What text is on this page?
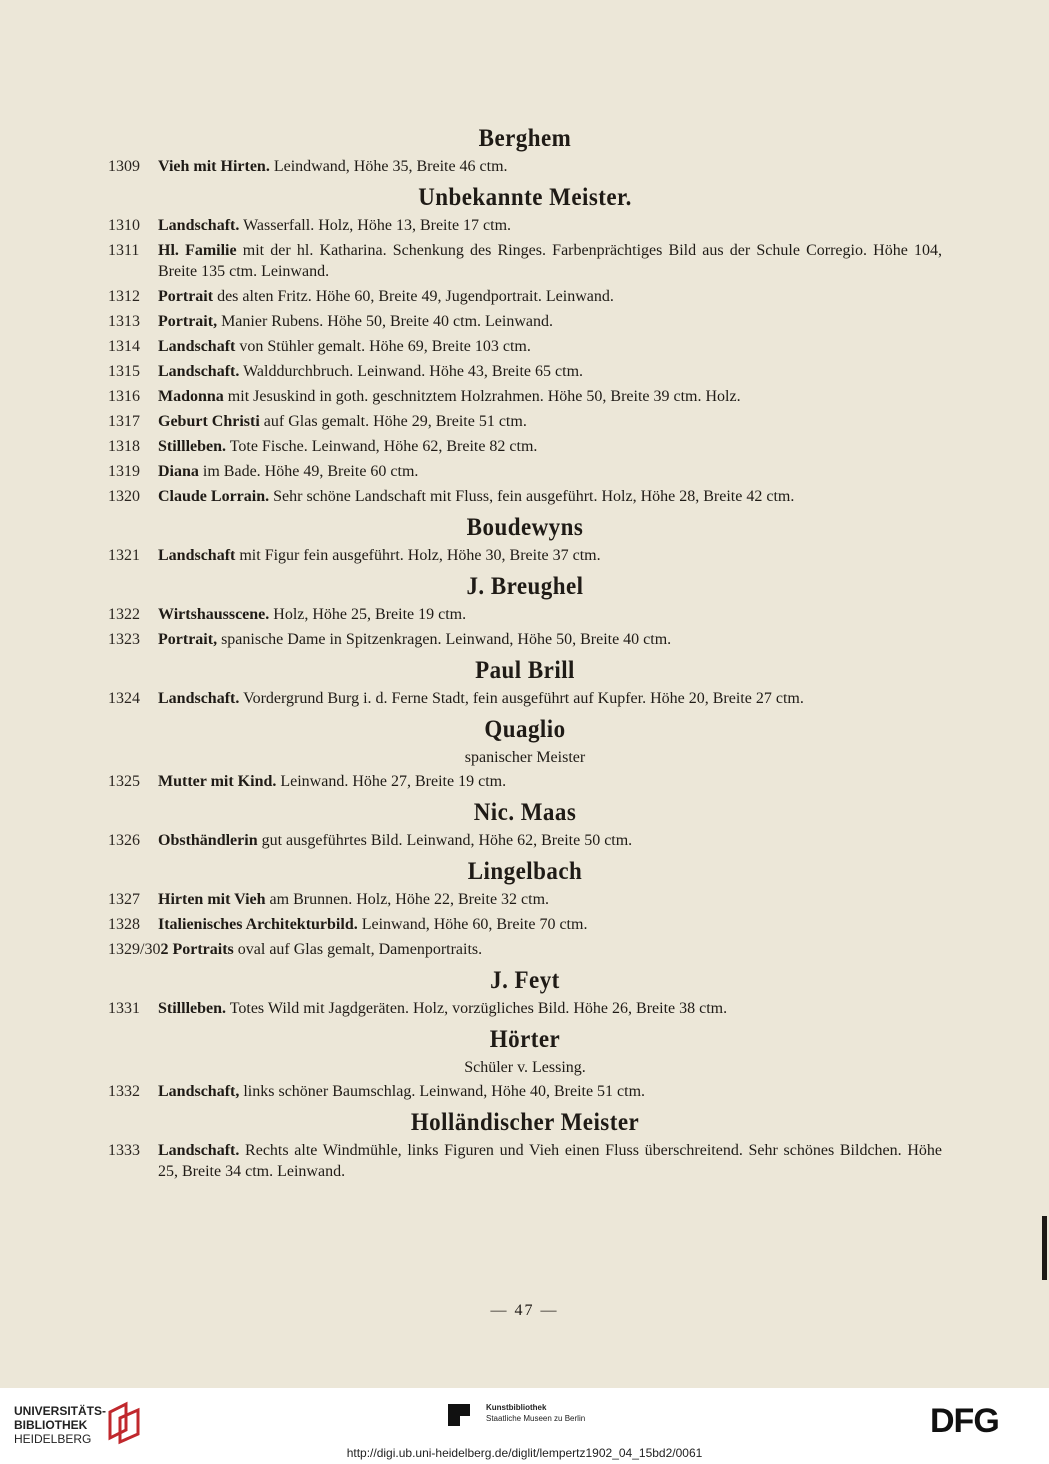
Berghem
1309	Vieh mit Hirten. Leindwand, Höhe 35, Breite 46 ctm.
Unbekannte Meister.
1310	Landschaft. Wasserfall. Holz, Höhe 13, Breite 17 ctm.
1311	Hl. Familie mit der hl. Katharina. Schenkung des Ringes. Farbenprächtiges Bild aus der Schule Corregio. Höhe 104, Breite 135 ctm. Leinwand.
1312	Portrait des alten Fritz. Höhe 60, Breite 49, Jugendportrait. Leinwand.
1313	Portrait, Manier Rubens. Höhe 50, Breite 40 ctm. Leinwand.
1314	Landschaft von Stühler gemalt. Höhe 69, Breite 103 ctm.
1315	Landschaft. Walddurchbruch. Leinwand. Höhe 43, Breite 65 ctm.
1316	Madonna mit Jesuskind in goth. geschnitztem Holzrahmen. Höhe 50, Breite 39 ctm. Holz.
1317	Geburt Christi auf Glas gemalt. Höhe 29, Breite 51 ctm.
1318	Stillleben. Tote Fische. Leinwand, Höhe 62, Breite 82 ctm.
1319	Diana im Bade. Höhe 49, Breite 60 ctm.
1320	Claude Lorrain. Sehr schöne Landschaft mit Fluss, fein ausgeführt. Holz, Höhe 28, Breite 42 ctm.
Boudewyns
1321	Landschaft mit Figur fein ausgeführt. Holz, Höhe 30, Breite 37 ctm.
J. Breughel
1322	Wirtshausscene. Holz, Höhe 25, Breite 19 ctm.
1323	Portrait, spanische Dame in Spitzenkragen. Leinwand, Höhe 50, Breite 40 ctm.
Paul Brill
1324	Landschaft. Vordergrund Burg i. d. Ferne Stadt, fein ausgeführt auf Kupfer. Höhe 20, Breite 27 ctm.
Quaglio
spanischer Meister
1325	Mutter mit Kind. Leinwand. Höhe 27, Breite 19 ctm.
Nic. Maas
1326	Obsthändlerin gut ausgeführtes Bild. Leinwand, Höhe 62, Breite 50 ctm.
Lingelbach
1327	Hirten mit Vieh am Brunnen. Holz, Höhe 22, Breite 32 ctm.
1328	Italienisches Architekturbild. Leinwand, Höhe 60, Breite 70 ctm.
1329/30 2 Portraits oval auf Glas gemalt, Damenportraits.
J. Feyt
1331	Stillleben. Totes Wild mit Jagdgeräten. Holz, vorzügliches Bild. Höhe 26, Breite 38 ctm.
Hörter
Schüler v. Lessing.
1332	Landschaft, links schöner Baumschlag. Leinwand, Höhe 40, Breite 51 ctm.
Holländischer Meister
1333	Landschaft. Rechts alte Windmühle, links Figuren und Vieh einen Fluss überschreitend. Sehr schönes Bildchen. Höhe 25, Breite 34 ctm. Leinwand.
— 47 —
UNIVERSITÄTS-
BIBLIOTHEK
HEIDELBERG
Kunstbibliothek
Staatliche Museen zu Berlin	DFG
http://digi.ub.uni-heidelberg.de/diglit/lempertz1902_04_15bd2/0061
